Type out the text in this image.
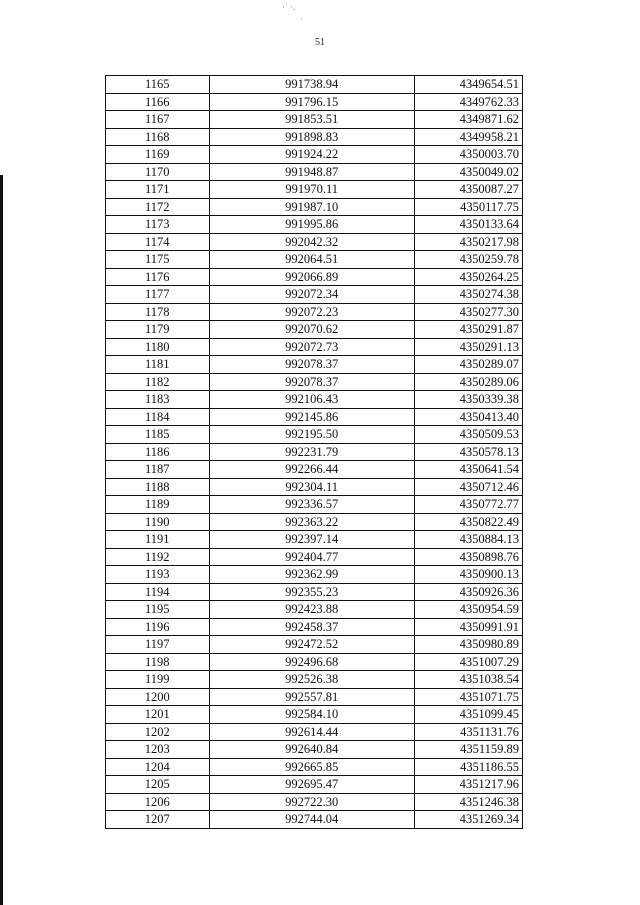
·˙ ·.
·
51
1165	991738.94	4349654.51
1166	991796.15	4349762.33
1167	991853.51	4349871.62
1168	991898.83	4349958.21
1169	991924.22	4350003.70
1170	991948.87	4350049.02
1171	991970.11	4350087.27
1172	991987.10	4350117.75
1173	991995.86	4350133.64
1174	992042.32	4350217.98
1175	992064.51	4350259.78
1176	992066.89	4350264.25
1177	992072.34	4350274.38
1178	992072.23	4350277.30
1179	992070.62	4350291.87
1180	992072.73	4350291.13
1181	992078.37	4350289.07
1182	992078.37	4350289.06
1183	992106.43	4350339.38
1184	992145.86	4350413.40
1185	992195.50	4350509.53
1186	992231.79	4350578.13
1187	992266.44	4350641.54
1188	992304.11	4350712.46
1189	992336.57	4350772.77
1190	992363.22	4350822.49
1191	992397.14	4350884.13
1192	992404.77	4350898.76
1193	992362.99	4350900.13
1194	992355.23	4350926.36
1195	992423.88	4350954.59
1196	992458.37	4350991.91
1197	992472.52	4350980.89
1198	992496.68	4351007.29
1199	992526.38	4351038.54
1200	992557.81	4351071.75
1201	992584.10	4351099.45
1202	992614.44	4351131.76
1203	992640.84	4351159.89
1204	992665.85	4351186.55
1205	992695.47	4351217.96
1206	992722.30	4351246.38
1207	992744.04	4351269.34
